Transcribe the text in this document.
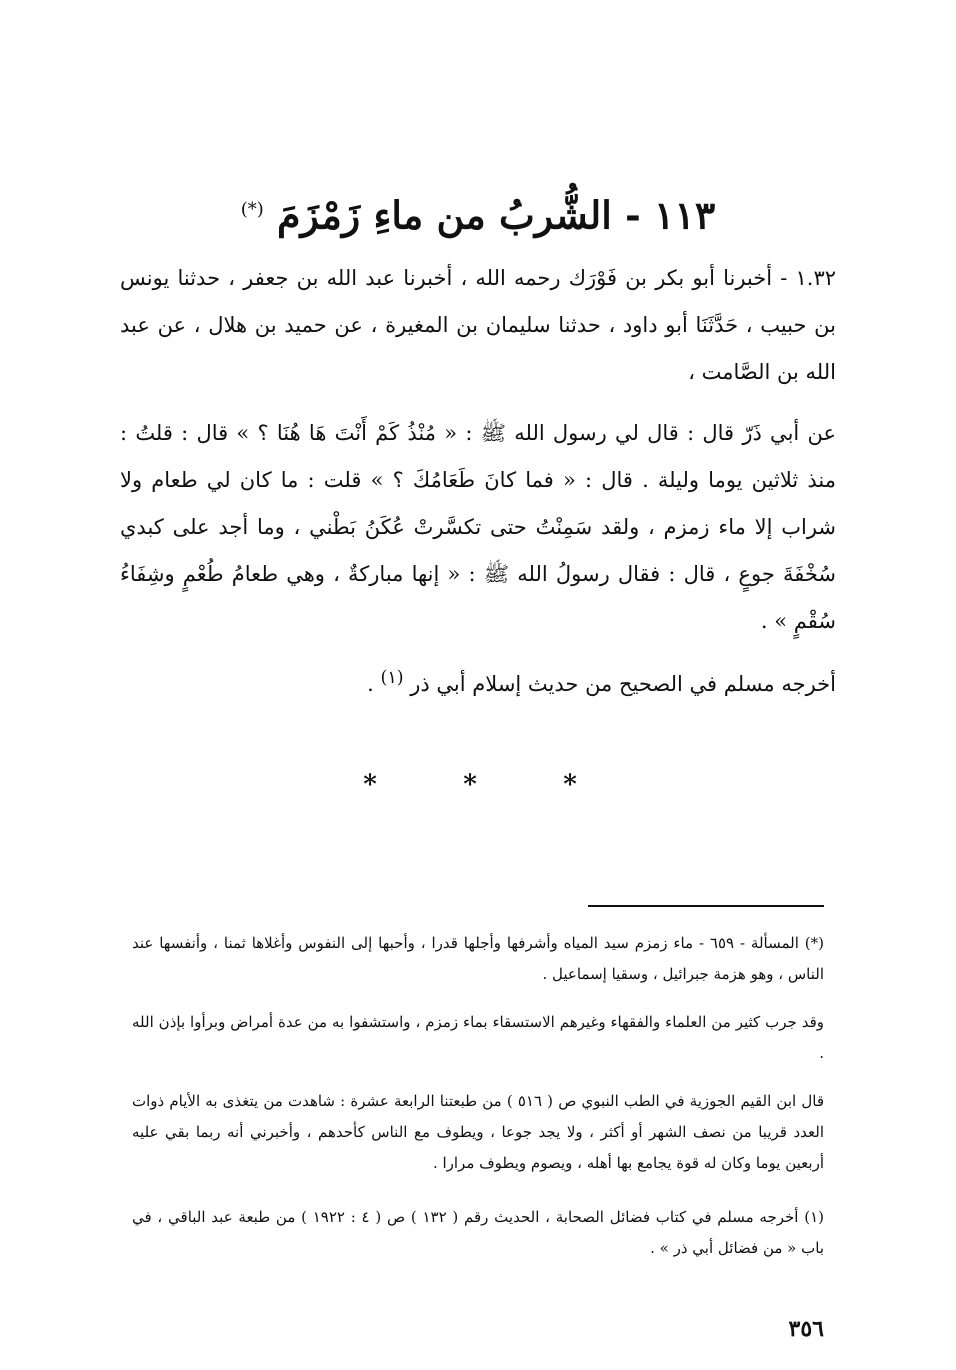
١١٣ - الشُّربُ من ماءِ زَمْزَمَ (*)

١.٣٢ - أخبرنا أبو بكر بن فَوْرَك رحمه الله ، أخبرنا عبد الله بن جعفر ، حدثنا يونس بن حبيب ، حَدَّثَنَا أبو داود ، حدثنا سليمان بن المغيرة ، عن حميد بن هلال ، عن عبد الله بن الصَّامت ،

عن أبي ذَرّ قال : قال لي رسول الله ﷺ : « مُنْذُ كَمْ أَنْتَ هَا هُنَا ؟ » قال : قلتُ : منذ ثلاثين يوما وليلة . قال : « فما كانَ طَعَامُكَ ؟ » قلت : ما كان لي طعام ولا شراب إلا ماء زمزم ، ولقد سَمِنْتُ حتى تكسَّرتْ عُكَنُ بَطْني ، وما أجد على كبدي سُخْفَةَ جوعٍ ، قال : فقال رسولُ الله ﷺ : « إنها مباركةٌ ، وهي طعامُ طُعْمٍ وشِفَاءُ سُقْمٍ » .

أخرجه مسلم في الصحيح من حديث إسلام أبي ذر $^{(١)}$ .

*	*	*

(*) المسألة - ٦٥٩ - ماء زمزم سيد المياه وأشرفها وأجلها قدرا ، وأحبها إلى النفوس وأغلاها ثمنا ، وأنفسها عند الناس ، وهو هزمة جبرائيل ، وسقيا إسماعيل .

وقد جرب كثير من العلماء والفقهاء وغيرهم الاستسقاء بماء زمزم ، واستشفوا به من عدة أمراض وبرأوا بإذن الله .

قال ابن القيم الجوزية في الطب النبوي ص ( ٥١٦ ) من طبعتنا الرابعة عشرة : شاهدت من يتغذى به الأيام ذوات العدد قريبا من نصف الشهر أو أكثر ، ولا يجد جوعا ، ويطوف مع الناس كأحدهم ، وأخبرني أنه ربما بقي عليه أربعين يوما وكان له قوة يجامع بها أهله ، ويصوم ويطوف مرارا .

(١) أخرجه مسلم في كتاب فضائل الصحابة ، الحديث رقم ( ١٣٢ ) ص ( ٤ : ١٩٢٢ ) من طبعة عبد الباقي ، في باب « من فضائل أبي ذر » .

٣٥٦
